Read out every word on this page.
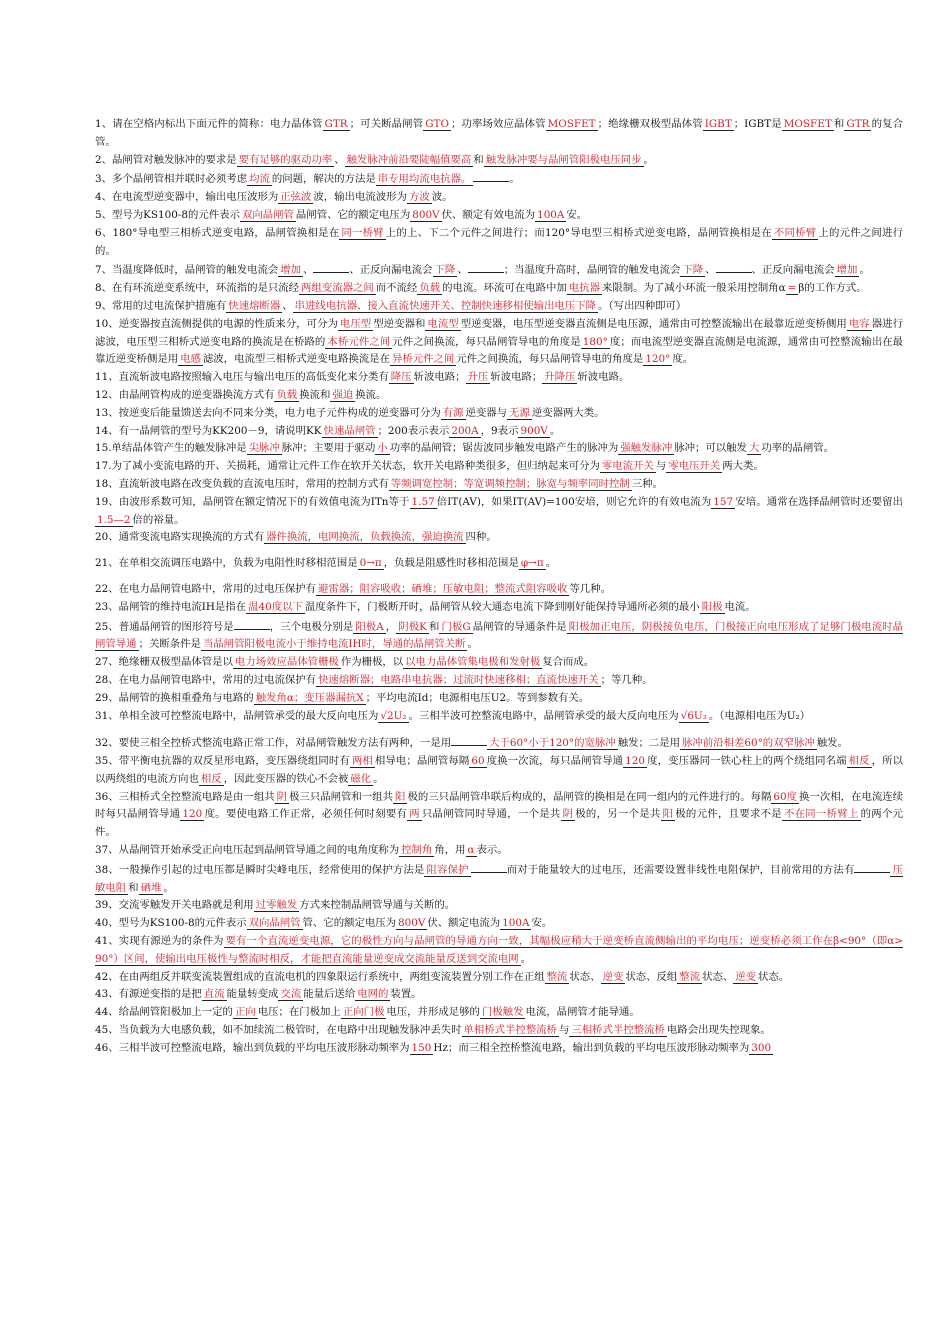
1、请在空格内标出下面元件的简称：电力晶体管 GTR ；可关断晶闸管 GTO ；功率场效应晶体管 MOSFET ；绝缘栅双极型晶体管 IGBT ；IGBT是 MOSFET 和 GTR 的复合管。

2、晶闸管对触发脉冲的要求是 要有足够的驱动功率 、 触发脉冲前沿要陡幅值要高 和 触发脉冲要与晶闸管阳极电压同步 。

3、多个晶闸管相并联时必须考虑 均流 的问题，解决的方法是 串专用均流电抗器。	。

4、在电流型逆变器中，输出电压波形为 正弦波 波，输出电流波形为 方波 波。

5、型号为KS100-8的元件表示 双向晶闸管 晶闸管、它的额定电压为 800V 伏、额定有效电流为 100A 安。

6、180°导电型三相桥式逆变电路，晶闸管换相是在 同一桥臂 上的上、下二个元件之间进行；而120°导电型三相桥式逆变电路，晶闸管换相是在 不同桥臂 上的元件之间进行的。

7、当温度降低时，晶闸管的触发电流会 增加 、	、正反向漏电流会 下降 、	；当温度升高时，晶闸管的触发电流会 下降 、	、正反向漏电流会 增加 。

8、在有环流逆变系统中，环流指的是只流经 两组变流器之间 而不流经 负载 的电流。环流可在电路中加 电抗器 来限制。为了减小环流一般采用控制角α = β的工作方式。

9、常用的过电流保护措施有 快速熔断器 、 串进线电抗器、接入直流快速开关、控制快速移相使输出电压下降 。（写出四种即可）

10、逆变器按直流侧提供的电源的性质来分，可分为 电压型 型逆变器和 电流型 型逆变器，电压型逆变器直流侧是电压源，通常由可控整流输出在最靠近逆变桥侧用 电容 器进行滤波，电压型三相桥式逆变电路的换流是在桥路的 本桥元件之间 元件之间换流，每只晶闸管导电的角度是 180° 度；而电流型逆变器直流侧是电流源，通常由可控整流输出在最靠近逆变桥侧是用 电感 滤波，电流型三相桥式逆变电路换流是在 异桥元件之间 元件之间换流，每只晶闸管导电的角度是 120° 度。

11、直流斩波电路按照输入电压与输出电压的高低变化来分类有 降压 斩波电路； 升压 斩波电路； 升降压 斩波电路。

12、由晶闸管构成的逆变器换流方式有 负载 换流和 强迫 换流。

13、按逆变后能量馈送去向不同来分类，电力电子元件构成的逆变器可分为 有源 逆变器与 无源 逆变器两大类。

14、有一晶闸管的型号为KK200－9，请说明KK 快速晶闸管 ；200表示表示 200A ，9表示 900V 。

15.单结晶体管产生的触发脉冲是 尖脉冲 脉冲；主要用于驱动 小 功率的晶闸管；锯齿波同步触发电路产生的脉冲为 强触发脉冲 脉冲；可以触发 大 功率的晶闸管。

17.为了减小变流电路的开、关损耗，通常让元件工作在软开关状态，软开关电路种类很多，但归纳起来可分为 零电流开关 与 零电压开关 两大类。

18、直流斩波电路在改变负载的直流电压时，常用的控制方式有 等频调宽控制；等宽调频控制；脉宽与频率同时控制 三种。

19、由波形系数可知，晶闸管在额定情况下的有效值电流为ITn等于 1.57 倍IT(AV)，如果IT(AV)=100安培，则它允许的有效电流为 157 安培。通常在选择晶闸管时还要留出1.5—2 倍的裕量。

20、通常变流电路实现换流的方式有 器件换流，电网换流，负载换流，强迫换流 四种。

21、在单相交流调压电路中，负载为电阻性时移相范围是 0→π ，负载是阻感性时移相范围是 φ→π 。

22、在电力晶闸管电路中，常用的过电压保护有 避雷器；阻容吸收；硒堆；压敏电阻；整流式阻容吸收 等几种。

23、晶闸管的维持电流IH是指在 温40度以下 温度条件下，门极断开时，晶闸管从较大通态电流下降到刚好能保持导通所必须的最小 阳极 电流。

25、普通晶闸管的图形符号是	，三个电极分别是 阳极A ， 阴极K 和 门极G 晶闸管的导通条件是 阳极加正电压，阴极接负电压，门极接正向电压形成了足够门极电流时晶闸管导通 ；关断条件是 当晶闸管阳极电流小于维持电流IH时，导通的晶闸管关断 。

27、绝缘栅双极型晶体管是以 电力场效应晶体管栅极 作为栅极，以 以电力晶体管集电极和发射极 复合而成。

28、在电力晶闸管电路中，常用的过电流保护有 快速熔断器；电路串电抗器；过流时快速移相；直流快速开关 ；等几种。

29、晶闸管的换相重叠角与电路的 触发角α；变压器漏抗X ；平均电流Id；电源相电压U2。等到参数有关。

31、单相全波可控整流电路中，晶闸管承受的最大反向电压为 √2U₂ 。三相半波可控整流电路中，晶闸管承受的最大反向电压为 √6U₂ 。（电源相电压为U₂）

32、要使三相全控桥式整流电路正常工作，对晶闸管触发方法有两种，一是用	大于60°小于120°的宽脉冲 触发；二是用 脉冲前沿相差60°的双窄脉冲 触发。

35、带平衡电抗器的双反星形电路，变压器绕组同时有 两相 相导电；晶闸管每隔 60 度换一次流，每只晶闸管导通 120 度，变压器同一铁心柱上的两个绕组同名端 相反 ，所以以两绕组的电流方向也 相反 ，因此变压器的铁心不会被 磁化 。

36、三相桥式全控整流电路是由一组共 阴 极三只晶闸管和一组共 阳 极的三只晶闸管串联后构成的，晶闸管的换相是在同一组内的元件进行的。每隔 60度 换一次相，在电流连续时每只晶闸管导通 120 度。要使电路工作正常，必须任何时刻要有 两 只晶闸管同时导通，一个是共 阴 极的，另一个是共 阳 极的元件，且要求不是 不在同一桥臂上 的两个元件。

37、从晶闸管开始承受正向电压起到晶闸管导通之间的电角度称为 控制角 角，用 α 表示。

38、一般操作引起的过电压都是瞬时尖峰电压，经常使用的保护方法是 阻容保护	而对于能量较大的过电压，还需要设置非线性电阻保护，目前常用的方法有	压敏电阻 和 硒堆 。

39、交流零触发开关电路就是利用 过零触发 方式来控制晶闸管导通与关断的。

40、型号为KS100-8的元件表示 双向晶闸管 管、它的额定电压为 800V 伏、额定电流为 100A 安。

41、实现有源逆为的条件为 要有一个直流逆变电源，它的极性方向与晶闸管的导通方向一致，其幅极应稍大于逆变桥直流侧输出的平均电压；逆变桥必须工作在β<90°（即α>90°）区间，使输出电压极性与整流时相反，才能把直流能量逆变成交流能量反送到交流电网 。

42、在由两组反并联变流装置组成的直流电机的四象限运行系统中，两组变流装置分别工作在正组 整流 状态、 逆变 状态、反组 整流 状态、 逆变 状态。

43、有源逆变指的是把 直流 能量转变成 交流 能量后送给 电网的 装置。

44、给晶闸管阳极加上一定的 正向 电压；在门极加上 正向门极 电压，并形成足够的 门极触发 电流，晶闸管才能导通。

45、当负载为大电感负载，如不加续流二极管时，在电路中出现触发脉冲丢失时 单相桥式半控整流桥 与 三相桥式半控整流桥 电路会出现失控现象。

46、三相半波可控整流电路，输出到负载的平均电压波形脉动频率为 150 Hz；而三相全控桥整流电路，输出到负载的平均电压波形脉动频率为 300
